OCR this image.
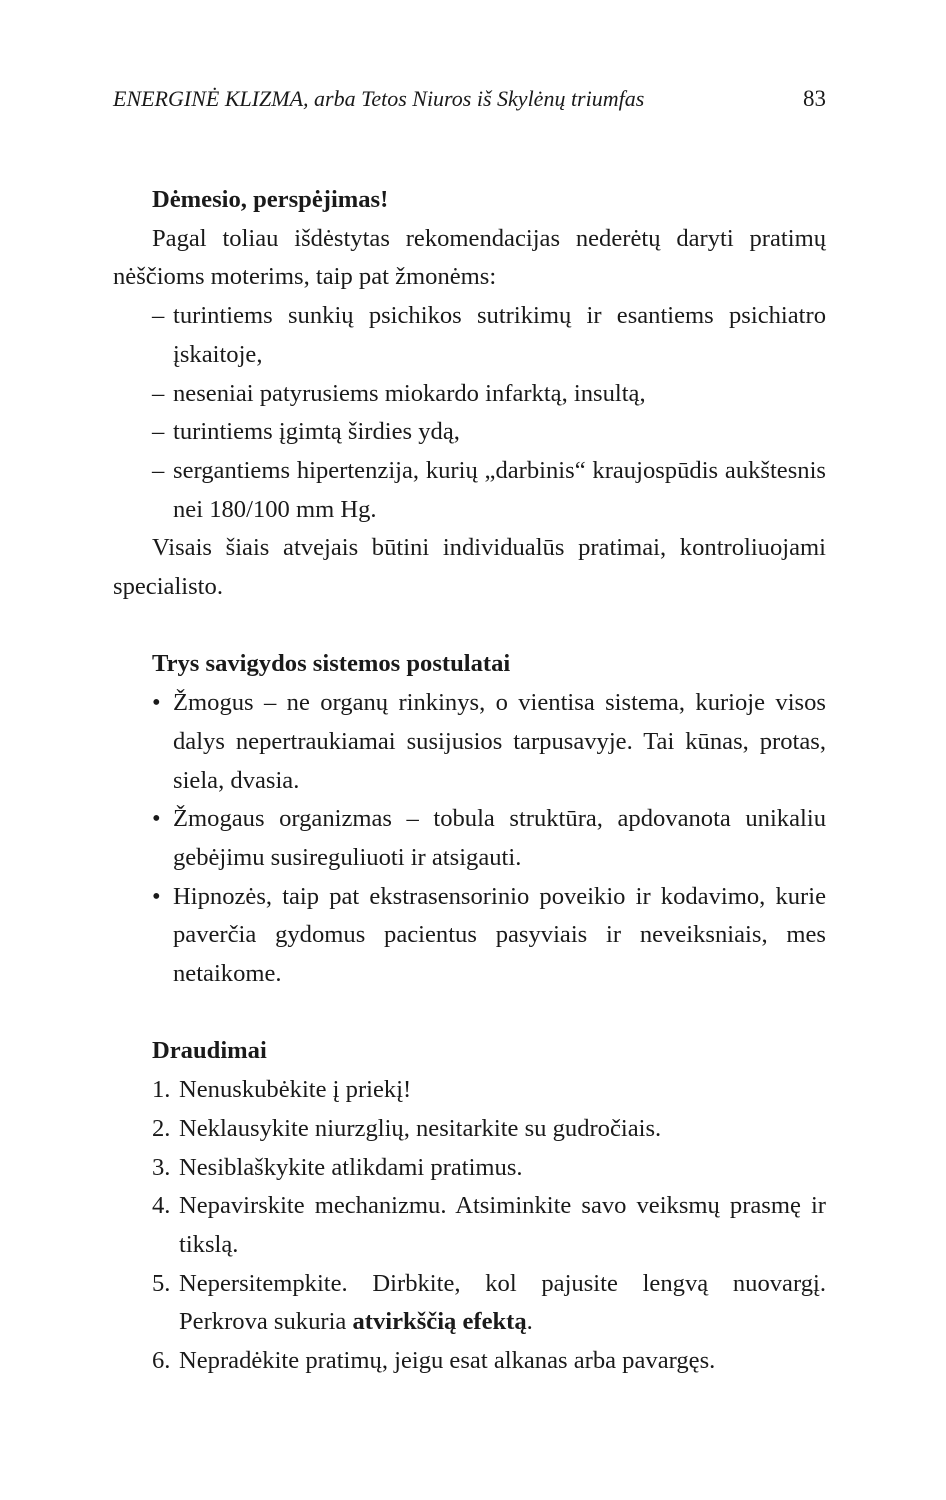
ENERGINĖ KLIZMA, arba Tetos Niuros iš Skylėnų triumfas	83

Dėmesio, perspėjimas!

Pagal toliau išdėstytas rekomendacijas nederėtų daryti pratimų nėščioms moterims, taip pat žmonėms:

– turintiems sunkių psichikos sutrikimų ir esantiems psichiatro įskaitoje,
– neseniai patyrusiems miokardo infarktą, insultą,
– turintiems įgimtą širdies ydą,
– sergantiems hipertenzija, kurių „darbinis“ kraujospūdis aukštesnis nei 180/100 mm Hg.

Visais šiais atvejais būtini individualūs pratimai, kontroliuojami specialisto.

Trys savigydos sistemos postulatai

• Žmogus – ne organų rinkinys, o vientisa sistema, kurioje visos dalys nepertraukiamai susijusios tarpusavyje. Tai kūnas, protas, siela, dvasia.
• Žmogaus organizmas – tobula struktūra, apdovanota unikaliu gebėjimu susireguliuoti ir atsigauti.
• Hipnozės, taip pat ekstrasensorinio poveikio ir kodavimo, kurie paverčia gydomus pacientus pasyviais ir neveiksniais, mes netaikome.

Draudimai

1. Nenuskubėkite į priekį!
2. Neklausykite niurzglių, nesitarkite su gudročiais.
3. Nesiblaškykite atlikdami pratimus.
4. Nepavirskite mechanizmu. Atsiminkite savo veiksmų prasmę ir tikslą.
5. Nepersitempkite. Dirbkite, kol pajusite lengvą nuovargį. Perkrova sukuria atvirkščią efektą.
6. Nepradėkite pratimų, jeigu esat alkanas arba pavargęs.
